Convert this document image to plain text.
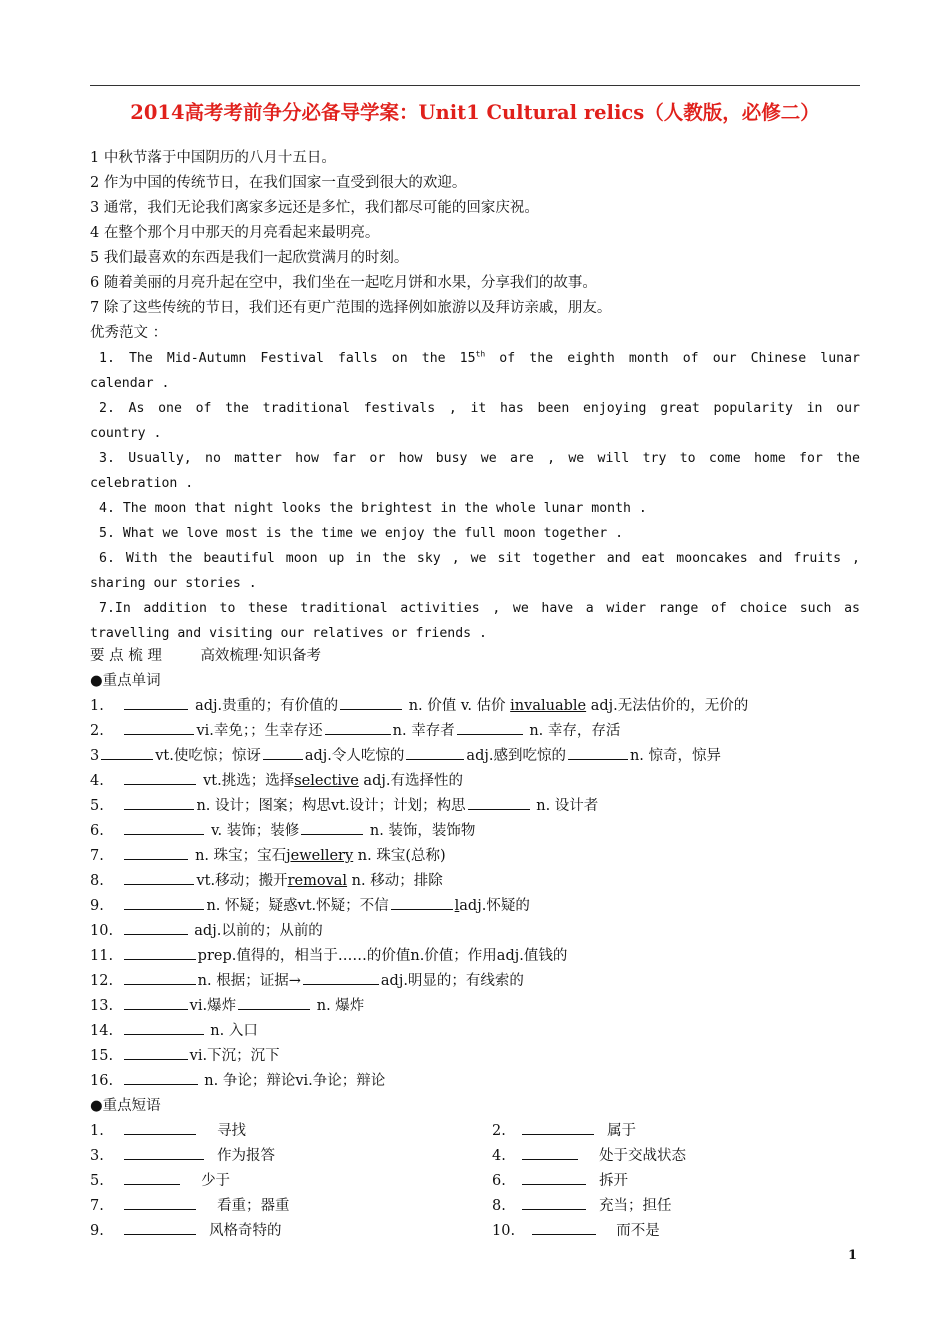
2014高考考前争分必备导学案：Unit1 Cultural relics（人教版，必修二）
1 中秋节落于中国阴历的八月十五日。
2 作为中国的传统节日，在我们国家一直受到很大的欢迎。
3 通常，我们无论我们离家多远还是多忙，我们都尽可能的回家庆祝。
4 在整个那个月中那天的月亮看起来最明亮。
5 我们最喜欢的东西是我们一起欣赏满月的时刻。
6 随着美丽的月亮升起在空中，我们坐在一起吃月饼和水果，分享我们的故事。
7 除了这些传统的节日，我们还有更广范围的选择例如旅游以及拜访亲戚，朋友。
优秀范文 ：
1. The Mid-Autumn Festival falls on the 15th of the eighth month of our Chinese lunar
calendar .
2. As one of the traditional festivals , it has been enjoying great popularity in our
country .
3. Usually, no matter how far or how busy we are , we will try to come home for the
celebration .
4. The moon that night looks the brightest in the whole lunar month .
5. What we love most is the time we enjoy the full moon together .
6. With the beautiful moon up in the sky , we sit together and eat mooncakes and fruits ,
sharing our stories .
7.In addition to these traditional activities , we have a wider range of choice such as
travelling and visiting our relatives or friends .
要 点 梳 理	高效梳理·知识备考
●重点单词
1.	adj.贵重的；有价值的	n. 价值 v. 估价 invaluable adj.无法估价的，无价的
2.	vi.幸免；；生幸存还	n. 幸存者	n. 幸存，存活
3	vt.使吃惊；惊讶	adj.令人吃惊的	adj.感到吃惊的	n. 惊奇，惊异
4.	vt.挑选；选择selective adj.有选择性的
5.	n. 设计；图案；构思vt.设计；计划；构思	n. 设计者
6.	v. 装饰；装修	n. 装饰，装饰物
7.	n. 珠宝；宝石jewellery n. 珠宝(总称)
8.	vt.移动；搬开removal n. 移动；排除
9.	n. 怀疑；疑惑vt.怀疑；不信	ladj.怀疑的
10.	adj.以前的；从前的
11.	prep.值得的，相当于……的价值n.价值；作用adj.值钱的
12.	n. 根据；证据→	adj.明显的；有线索的
13.	vi.爆炸	n. 爆炸
14.	n. 入口
15.	vi.下沉；沉下
16.	n. 争论；辩论vi.争论；辩论
●重点短语
1.	寻找	2.	属于
3.	作为报答	4.	处于交战状态
5.	少于	6.	拆开
7.	看重；器重	8.	充当；担任
9.	风格奇特的	10.	而不是
1
